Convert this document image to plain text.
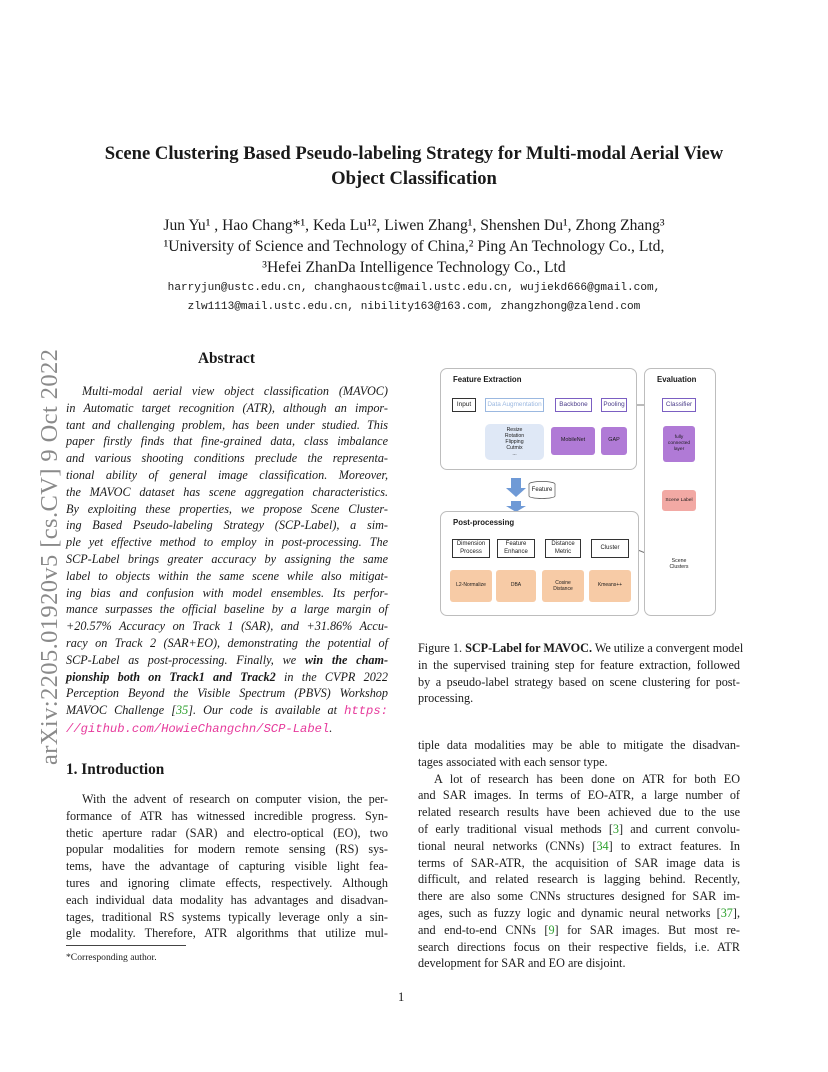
arXiv:2205.01920v5 [cs.CV] 9 Oct 2022
Scene Clustering Based Pseudo-labeling Strategy for Multi-modal Aerial View
Object Classification
Jun Yu¹ , Hao Chang*¹, Keda Lu¹², Liwen Zhang¹, Shenshen Du¹, Zhong Zhang³
¹University of Science and Technology of China,² Ping An Technology Co., Ltd,
³Hefei ZhanDa Intelligence Technology Co., Ltd
harryjun@ustc.edu.cn, changhaoustc@mail.ustc.edu.cn, wujiekd666@gmail.com,
zlw1113@mail.ustc.edu.cn, nibility163@163.com, zhangzhong@zalend.com
Abstract
Multi-modal aerial view object classification (MAVOC)
in Automatic target recognition (ATR), although an impor-
tant and challenging problem, has been under studied. This
paper firstly finds that fine-grained data, class imbalance
and various shooting conditions preclude the representa-
tional ability of general image classification. Moreover,
the MAVOC dataset has scene aggregation characteristics.
By exploiting these properties, we propose Scene Cluster-
ing Based Pseudo-labeling Strategy (SCP-Label), a sim-
ple yet effective method to employ in post-processing. The
SCP-Label brings greater accuracy by assigning the same
label to objects within the same scene while also mitigat-
ing bias and confusion with model ensembles. Its perfor-
mance surpasses the official baseline by a large margin of
+20.57% Accuracy on Track 1 (SAR), and +31.86% Accu-
racy on Track 2 (SAR+EO), demonstrating the potential of
SCP-Label as post-processing. Finally, we win the cham-
pionship both on Track1 and Track2 in the CVPR 2022
Perception Beyond the Visible Spectrum (PBVS) Workshop
MAVOC Challenge [35]. Our code is available at https:
//github.com/HowieChangchn/SCP-Label.
1. Introduction
With the advent of research on computer vision, the per-
formance of ATR has witnessed incredible progress. Syn-
thetic aperture radar (SAR) and electro-optical (EO), two
popular modalities for modern remote sensing (RS) sys-
tems, have the advantage of capturing visible light fea-
tures and ignoring climate effects, respectively. Although
each individual data modality has advantages and disadvan-
tages, traditional RS systems typically leverage only a sin-
gle modality. Therefore, ATR algorithms that utilize mul-
*Corresponding author.
1
Feature Extraction
Input	Data Augmentation	Backbone	Pooling
Resize
Rotation
Flipping
Cutmix
...
MobileNet	GAP
Evaluation
Classifier
fully
connected
layer
Scene Label
Scene
Clusters
Feature
Post-processing
Dimension
Process
Feature
Enhance
Distance
Metric
Cluster
L2-Normalize	DBA	Cosine
Distance
Kmeans++
Figure 1. SCP-Label for MAVOC. We utilize a convergent model
in the supervised training step for feature extraction, followed
by a pseudo-label strategy based on scene clustering for post-
processing.
tiple data modalities may be able to mitigate the disadvan-
tages associated with each sensor type.
A lot of research has been done on ATR for both EO
and SAR images. In terms of EO-ATR, a large number of
related research results have been achieved due to the use
of early traditional visual methods [3] and current convolu-
tional neural networks (CNNs) [34] to extract features. In
terms of SAR-ATR, the acquisition of SAR image data is
difficult, and related research is lagging behind. Recently,
there are also some CNNs structures designed for SAR im-
ages, such as fuzzy logic and dynamic neural networks [37],
and end-to-end CNNs [9] for SAR images. But most re-
search directions focus on their respective fields, i.e. ATR
development for SAR and EO are disjoint.
